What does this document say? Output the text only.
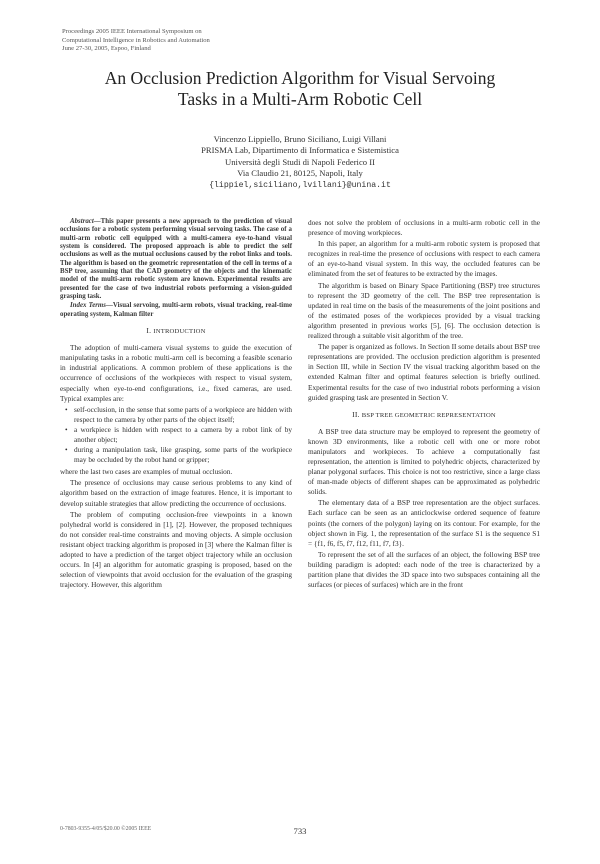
Proceedings 2005 IEEE International Symposium on
Computational Intelligence in Robotics and Automation
June 27-30, 2005, Espoo, Finland
An Occlusion Prediction Algorithm for Visual Servoing
Tasks in a Multi-Arm Robotic Cell
Vincenzo Lippiello, Bruno Siciliano, Luigi Villani
PRISMA Lab, Dipartimento di Informatica e Sistemistica
Università degli Studi di Napoli Federico II
Via Claudio 21, 80125, Napoli, Italy
{lippiel,siciliano,lvillani}@unina.it

Abstract—This paper presents a new approach to the prediction of visual occlusions for a robotic system performing visual servoing tasks. The case of a multi-arm robotic cell equipped with a multi-camera eye-to-hand visual system is considered. The proposed approach is able to predict the self occlusions as well as the mutual occlusions caused by the robot links and tools. The algorithm is based on the geometric representation of the cell in terms of a BSP tree, assuming that the CAD geometry of the objects and the kinematic model of the multi-arm robotic system are known. Experimental results are presented for the case of two industrial robots performing a vision-guided grasping task.

Index Terms—Visual servoing, multi-arm robots, visual tracking, real-time operating system, Kalman filter

I. INTRODUCTION

The adoption of multi-camera visual systems to guide the execution of manipulating tasks in a robotic multi-arm cell is becoming a feasible scenario in industrial applications. A common problem of these applications is the occurrence of occlusions of the workpieces with respect to visual system, especially when eye-to-end configurations, i.e., fixed cameras, are used. Typical examples are:

• self-occlusion, in the sense that some parts of a workpiece are hidden with respect to the camera by other parts of the object itself;
• a workpiece is hidden with respect to a camera by a robot link of by another object;
• during a manipulation task, like grasping, some parts of the workpiece may be occluded by the robot hand or gripper;

where the last two cases are examples of mutual occlusion.

The presence of occlusions may cause serious problems to any kind of algorithm based on the extraction of image features. Hence, it is important to develop suitable strategies that allow predicting the occurrence of occlusions.

The problem of computing occlusion-free viewpoints in a known polyhedral world is considered in [1], [2]. However, the proposed techniques do not consider real-time constraints and moving objects. A simple occlusion resistant object tracking algorithm is proposed in [3] where the Kalman filter is adopted to have a prediction of the target object trajectory while an occlusion occurs. In [4] an algorithm for automatic grasping is proposed, based on the selection of viewpoints that avoid occlusion for the evaluation of the grasping trajectory. However, this algorithm

does not solve the problem of occlusions in a multi-arm robotic cell in the presence of moving workpieces.

In this paper, an algorithm for a multi-arm robotic system is proposed that recognizes in real-time the presence of occlusions with respect to each camera of an eye-to-hand visual system. In this way, the occluded features can be eliminated from the set of features to be extracted by the images.

The algorithm is based on Binary Space Partitioning (BSP) tree structures to represent the 3D geometry of the cell. The BSP tree representation is updated in real time on the basis of the measurements of the joint positions and of the estimated poses of the workpieces provided by a visual tracking algorithm presented in previous works [5], [6]. The occlusion detection is realized through a suitable visit algorithm of the tree.

The paper is organized as follows. In Section II some details about BSP tree representations are provided. The occlusion prediction algorithm is presented in Section III, while in Section IV the visual tracking algorithm based on the extended Kalman filter and optimal features selection is briefly outlined. Experimental results for the case of two industrial robots performing a vision guided grasping task are presented in Section V.

II. BSP TREE GEOMETRIC REPRESENTATION

A BSP tree data structure may be employed to represent the geometry of known 3D environments, like a robotic cell with one or more robot manipulators and workpieces. To achieve a computationally fast representation, the attention is limited to polyhedric objects, characterized by planar polygonal surfaces. This choice is not too restrictive, since a large class of man-made objects of different shapes can be approximated as polyhedric solids.

The elementary data of a BSP tree representation are the object surfaces. Each surface can be seen as an anticlockwise ordered sequence of feature points (the corners of the polygon) laying on its contour. For example, for the object shown in Fig. 1, the representation of the surface S1 is the sequence S1 = {f1, f6, f5, f7, f12, f11, f7, f3}.

To represent the set of all the surfaces of an object, the following BSP tree building paradigm is adopted: each node of the tree is characterized by a partition plane that divides the 3D space into two subspaces containing all the surfaces (or pieces of surfaces) which are in the front

0-7803-9355-4/05/$20.00 ©2005 IEEE	733
